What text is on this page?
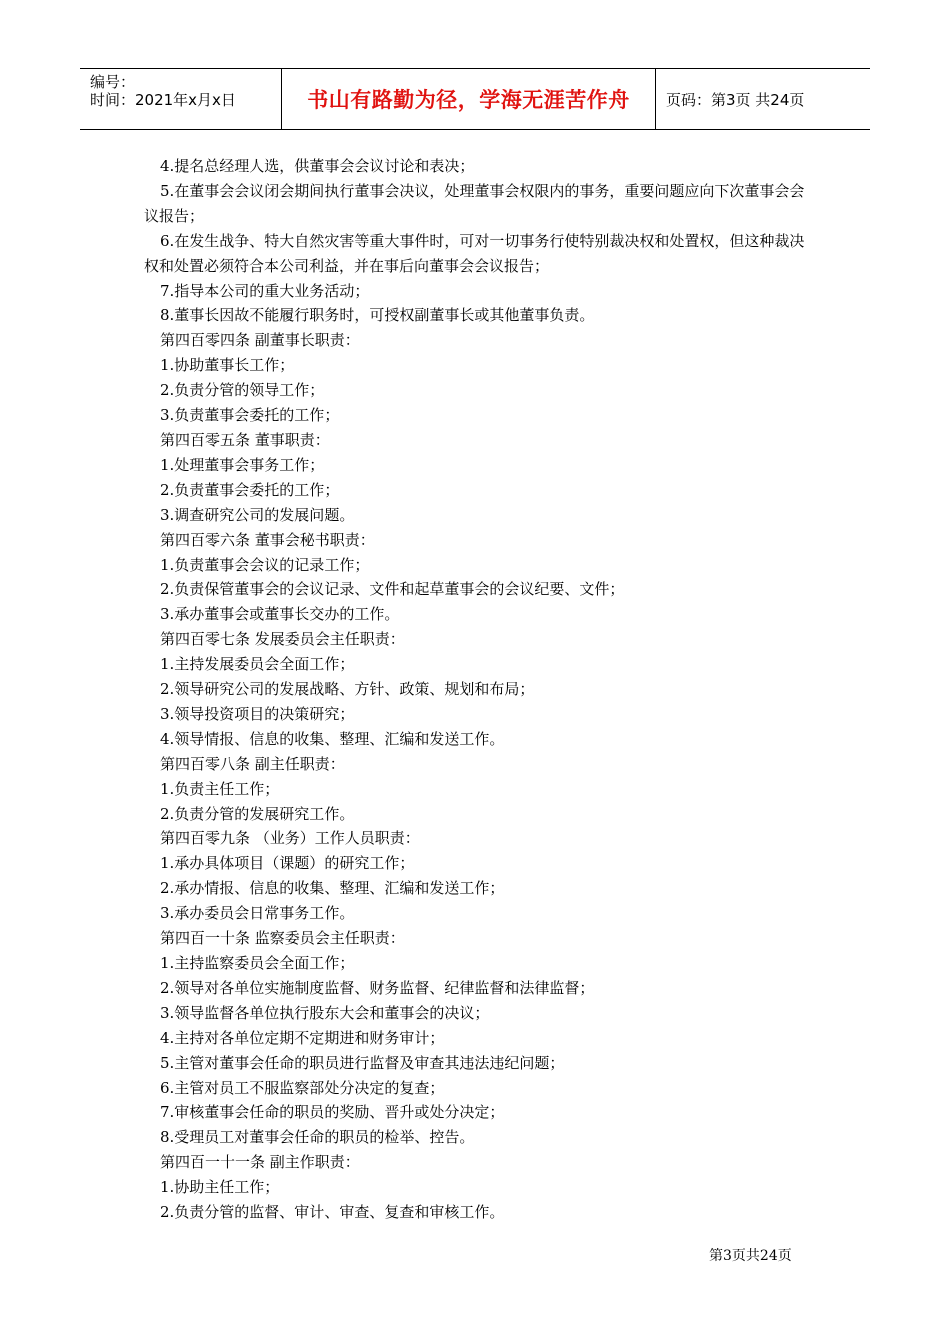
编号：
时间：2021年x月x日	书山有路勤为径，学海无涯苦作舟 页码：第3页 共24页
4.提名总经理人选，供董事会会议讨论和表决；
5.在董事会会议闭会期间执行董事会决议，处理董事会权限内的事务，重要问题应向下次董事会会议报告；
6.在发生战争、特大自然灾害等重大事件时，可对一切事务行使特别裁决权和处置权，但这种裁决权和处置必须符合本公司利益，并在事后向董事会会议报告；
7.指导本公司的重大业务活动；
8.董事长因故不能履行职务时，可授权副董事长或其他董事负责。
第四百零四条 副董事长职责：
1.协助董事长工作；
2.负责分管的领导工作；
3.负责董事会委托的工作；
第四百零五条 董事职责：
1.处理董事会事务工作；
2.负责董事会委托的工作；
3.调查研究公司的发展问题。
第四百零六条 董事会秘书职责：
1.负责董事会会议的记录工作；
2.负责保管董事会的会议记录、文件和起草董事会的会议纪要、文件；
3.承办董事会或董事长交办的工作。
第四百零七条 发展委员会主任职责：
1.主持发展委员会全面工作；
2.领导研究公司的发展战略、方针、政策、规划和布局；
3.领导投资项目的决策研究；
4.领导情报、信息的收集、整理、汇编和发送工作。
第四百零八条 副主任职责：
1.负责主任工作；
2.负责分管的发展研究工作。
第四百零九条 （业务）工作人员职责：
1.承办具体项目（课题）的研究工作；
2.承办情报、信息的收集、整理、汇编和发送工作；
3.承办委员会日常事务工作。
第四百一十条 监察委员会主任职责：
1.主持监察委员会全面工作；
2.领导对各单位实施制度监督、财务监督、纪律监督和法律监督；
3.领导监督各单位执行股东大会和董事会的决议；
4.主持对各单位定期不定期进和财务审计；
5.主管对董事会任命的职员进行监督及审查其违法违纪问题；
6.主管对员工不服监察部处分决定的复查；
7.审核董事会任命的职员的奖励、晋升或处分决定；
8.受理员工对董事会任命的职员的检举、控告。
第四百一十一条 副主作职责：
1.协助主任工作；
2.负责分管的监督、审计、审查、复查和审核工作。
第3页共24页
